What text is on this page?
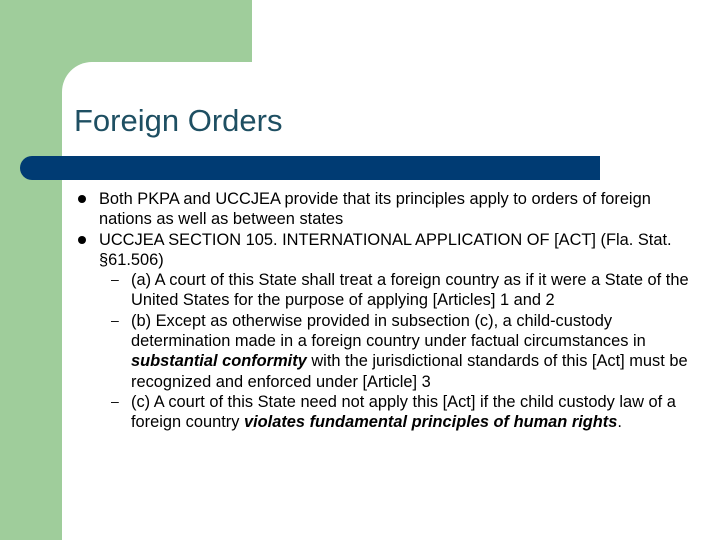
Foreign Orders
Both PKPA and UCCJEA provide that its principles apply to orders of foreign nations as well as between states
UCCJEA SECTION 105. INTERNATIONAL APPLICATION OF [ACT] (Fla. Stat. §61.506)
– (a) A court of this State shall treat a foreign country as if it were a State of the United States for the purpose of applying [Articles] 1 and 2
– (b) Except as otherwise provided in subsection (c), a child-custody determination made in a foreign country under factual circumstances in substantial conformity with the jurisdictional standards of this [Act] must be recognized and enforced under [Article] 3
– (c) A court of this State need not apply this [Act] if the child custody law of a foreign country violates fundamental principles of human rights.
